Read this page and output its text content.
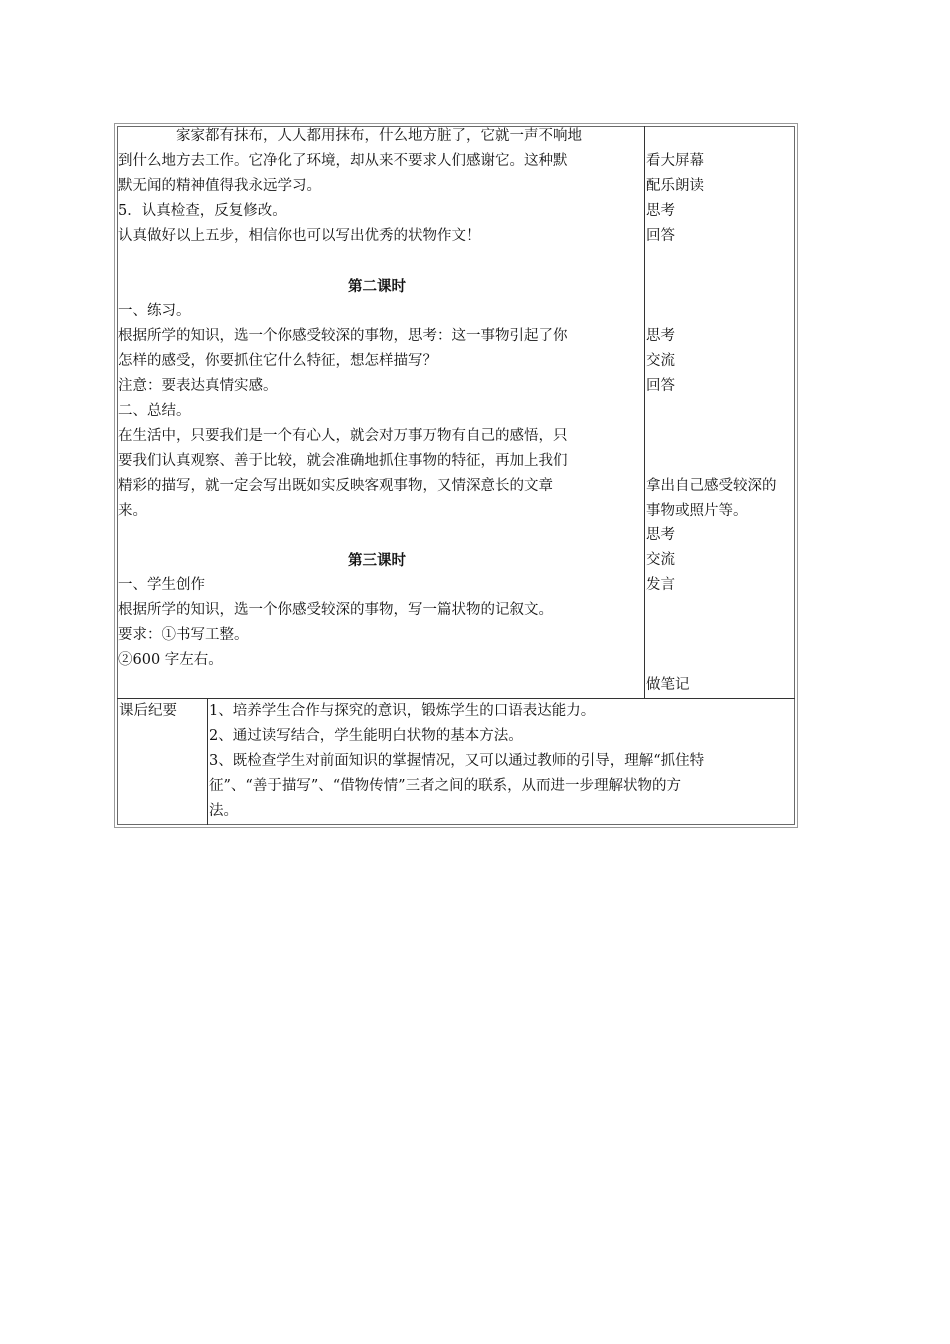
家家都有抹布，人人都用抹布，什么地方脏了，它就一声不响地
到什么地方去工作。它净化了环境，却从来不要求人们感谢它。这种默
默无闻的精神值得我永远学习。
5．认真检查，反复修改。
认真做好以上五步，相信你也可以写出优秀的状物作文！
第二课时
一、练习。
根据所学的知识，选一个你感受较深的事物，思考：这一事物引起了你
怎样的感受，你要抓住它什么特征，想怎样描写？
注意：要表达真情实感。
二、总结。
在生活中，只要我们是一个有心人，就会对万事万物有自己的感悟，只
要我们认真观察、善于比较，就会准确地抓住事物的特征，再加上我们
精彩的描写，就一定会写出既如实反映客观事物，又情深意长的文章
来。
第三课时
一、学生创作
根据所学的知识，选一个你感受较深的事物，写一篇状物的记叙文。
要求：①书写工整。
②600 字左右。
看大屏幕
配乐朗读
思考
回答
思考
交流
回答
拿出自己感受较深的
事物或照片等。
思考
交流
发言
做笔记
课后纪要 1、培养学生合作与探究的意识，锻炼学生的口语表达能力。
2、通过读写结合，学生能明白状物的基本方法。
3、既检查学生对前面知识的掌握情况，又可以通过教师的引导，理解“抓住特
征”、“善于描写”、“借物传情”三者之间的联系，从而进一步理解状物的方
法。
